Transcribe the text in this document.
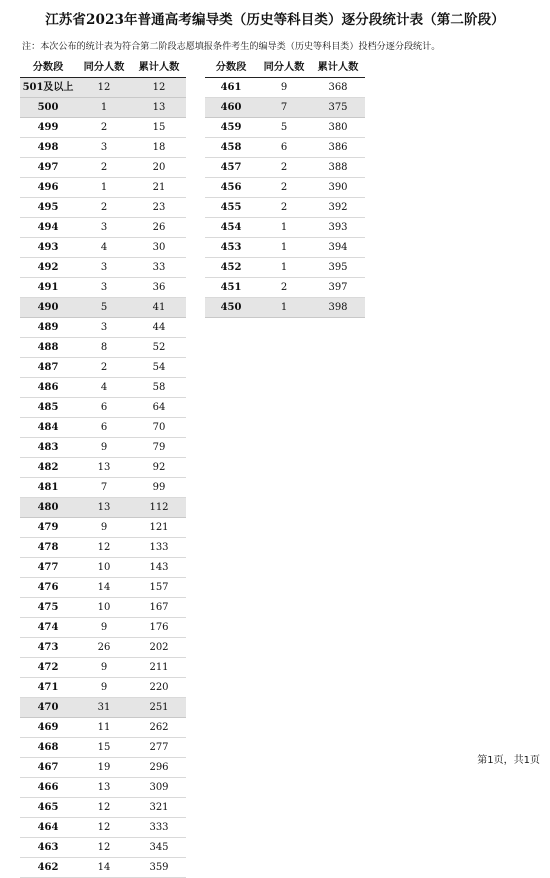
江苏省2023年普通高考编导类（历史等科目类）逐分段统计表（第二阶段）
注：本次公布的统计表为符合第二阶段志愿填报条件考生的编导类（历史等科目类）投档分逐分段统计。
分数段	同分人数	累计人数
501及以上	12	12
500	1	13
499	2	15
498	3	18
497	2	20
496	1	21
495	2	23
494	3	26
493	4	30
492	3	33
491	3	36
490	5	41
489	3	44
488	8	52
487	2	54
486	4	58
485	6	64
484	6	70
483	9	79
482	13	92
481	7	99
480	13	112
479	9	121
478	12	133
477	10	143
476	14	157
475	10	167
474	9	176
473	26	202
472	9	211
471	9	220
470	31	251
469	11	262
468	15	277
467	19	296
466	13	309
465	12	321
464	12	333
463	12	345
462	14	359
分数段	同分人数	累计人数
461	9	368
460	7	375
459	5	380
458	6	386
457	2	388
456	2	390
455	2	392
454	1	393
453	1	394
452	1	395
451	2	397
450	1	398
第1页，共1页
